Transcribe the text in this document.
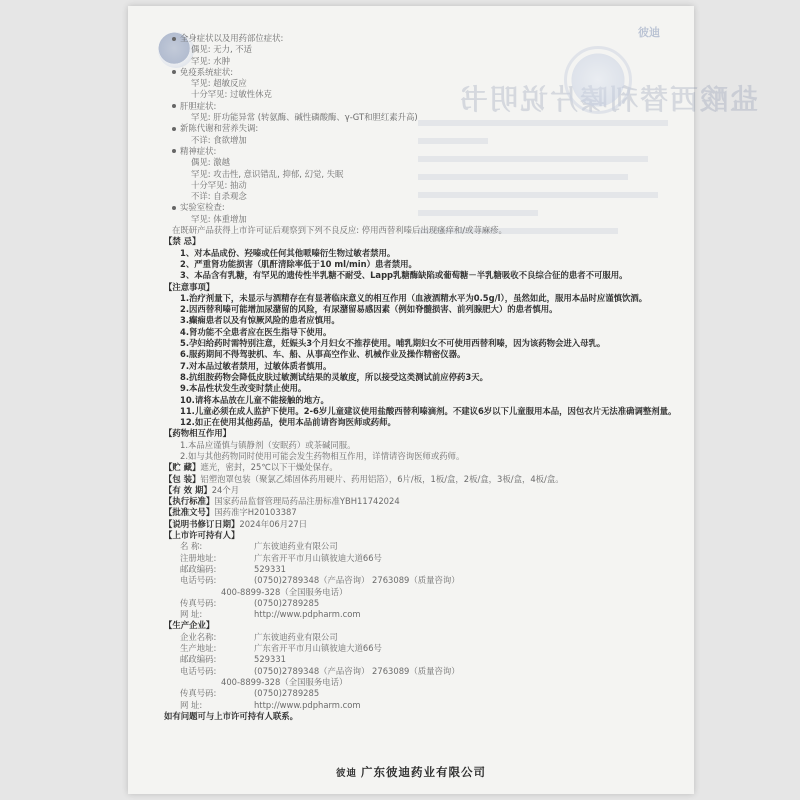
盐酸西替利嗪片说明书
彼迪
全身症状以及用药部位症状:
偶见: 无力, 不适
罕见: 水肿
免疫系统症状:
罕见: 超敏反应
十分罕见: 过敏性休克
肝胆症状:
罕见: 肝功能异常 (转氨酶、碱性磷酸酶、γ-GT和胆红素升高)
新陈代谢和营养失调:
不详: 食欲增加
精神症状:
偶见: 激越
罕见: 攻击性, 意识错乱, 抑郁, 幻觉, 失眠
十分罕见: 抽动
不详: 自杀观念
实验室检查:
罕见: 体重增加
在既研产品获得上市许可证后观察到下列不良反应: 停用西替利嗪后出现瘙痒和/或荨麻疹。
【禁 忌】
1、对本品成份、羟嗪或任何其他哌嗪衍生物过敏者禁用。
2、严重肾功能损害（肌酐清除率低于10 ml/min）患者禁用。
3、本品含有乳糖，有罕见的遗传性半乳糖不耐受、Lapp乳糖酶缺陷或葡萄糖－半乳糖吸收不良综合征的患者不可服用。
【注意事项】
1.治疗剂量下，未显示与酒精存在有显著临床意义的相互作用（血液酒精水平为0.5g/l），虽然如此，服用本品时应谨慎饮酒。
2.因西替利嗪可能增加尿潴留的风险，有尿潴留易感因素（例如脊髓损害、前列腺肥大）的患者慎用。
3.癫痫患者以及有惊厥风险的患者应慎用。
4.肾功能不全患者应在医生指导下使用。
5.孕妇给药时需特别注意，妊娠头3个月妇女不推荐使用。哺乳期妇女不可使用西替利嗪，因为该药物会进入母乳。
6.服药期间不得驾驶机、车、船、从事高空作业、机械作业及操作精密仪器。
7.对本品过敏者禁用，过敏体质者慎用。
8.抗组胺药物会降低皮肤过敏测试结果的灵敏度，所以接受这类测试前应停药3天。
9.本品性状发生改变时禁止使用。
10.请将本品放在儿童不能接触的地方。
11.儿童必须在成人监护下使用。2-6岁儿童建议使用盐酸西替利嗪滴剂。不建议6岁以下儿童服用本品，因包衣片无法准确调整剂量。
12.如正在使用其他药品，使用本品前请咨询医师或药师。
【药物相互作用】
1.本品应谨慎与镇静剂（安眠药）或茶碱同服。
2.如与其他药物同时使用可能会发生药物相互作用，详情请咨询医师或药师。
【贮 藏】遮光，密封，25℃以下干燥处保存。
【包 装】铝塑泡罩包装（聚氯乙烯固体药用硬片、药用铝箔），6片/板，1板/盒，2板/盒，3板/盒，4板/盒。
【有 效 期】24个月
【执行标准】国家药品监督管理局药品注册标准YBH11742024
【批准文号】国药准字H20103387
【说明书修订日期】2024年06月27日
【上市许可持有人】
名 称:	广东彼迪药业有限公司
注册地址:	广东省开平市月山镇彼迪大道66号
邮政编码:	529331
电话号码:	(0750)2789348（产品咨询） 2763089（质量咨询）
400-8899-328（全国服务电话）
传真号码:	(0750)2789285
网 址:	http://www.pdpharm.com
【生产企业】
企业名称:	广东彼迪药业有限公司
生产地址:	广东省开平市月山镇彼迪大道66号
邮政编码:	529331
电话号码:	(0750)2789348（产品咨询） 2763089（质量咨询）
400-8899-328（全国服务电话）
传真号码:	(0750)2789285
网 址:	http://www.pdpharm.com
如有问题可与上市许可持有人联系。
彼迪 广东彼迪药业有限公司
